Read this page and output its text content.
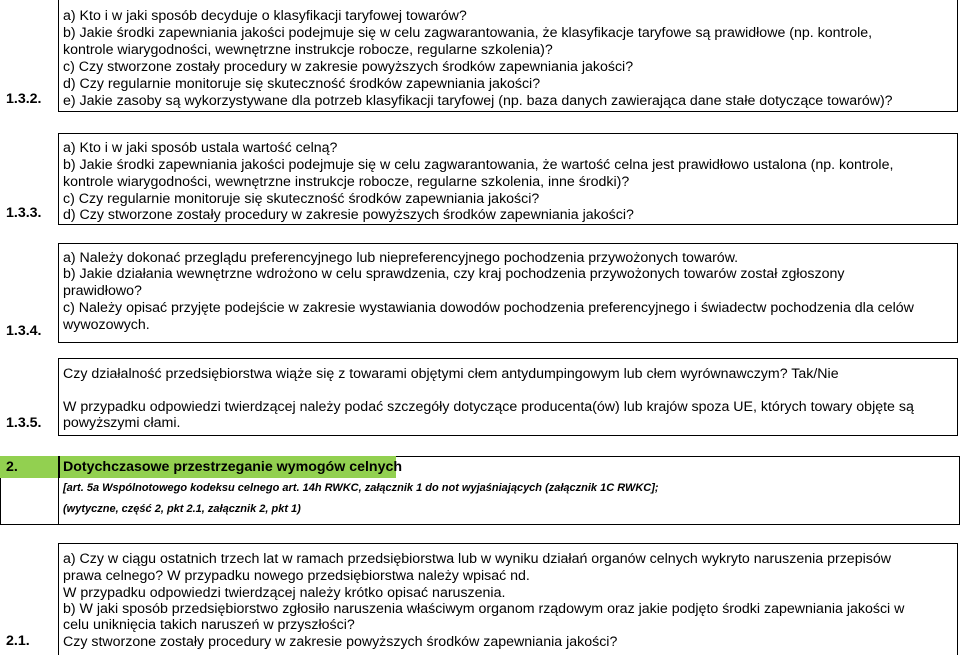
1.3.2.
a) Kto i w jaki sposób decyduje o klasyfikacji taryfowej towarów?
b) Jakie środki zapewniania jakości podejmuje się w celu zagwarantowania, że klasyfikacje taryfowe są prawidłowe (np. kontrole,
kontrole wiarygodności, wewnętrzne instrukcje robocze, regularne szkolenia)?
c) Czy stworzone zostały procedury w zakresie powyższych środków zapewniania jakości?
d) Czy regularnie monitoruje się skuteczność środków zapewniania jakości?
e) Jakie zasoby są wykorzystywane dla potrzeb klasyfikacji taryfowej (np. baza danych zawierająca dane stałe dotyczące towarów)?
1.3.3.
a) Kto i w jaki sposób ustala wartość celną?
b) Jakie środki zapewniania jakości podejmuje się w celu zagwarantowania, że wartość celna jest prawidłowo ustalona (np. kontrole,
kontrole wiarygodności, wewnętrzne instrukcje robocze, regularne szkolenia, inne środki)?
c) Czy regularnie monitoruje się skuteczność środków zapewniania jakości?
d) Czy stworzone zostały procedury w zakresie powyższych środków zapewniania jakości?
1.3.4.
a) Należy dokonać przeglądu preferencyjnego lub niepreferencyjnego pochodzenia przywożonych towarów.
b) Jakie działania wewnętrzne wdrożono w celu sprawdzenia, czy kraj pochodzenia przywożonych towarów został zgłoszony
prawidłowo?
c) Należy opisać przyjęte podejście w zakresie wystawiania dowodów pochodzenia preferencyjnego i świadectw pochodzenia dla celów
wywozowych.
1.3.5.
Czy działalność przedsiębiorstwa wiąże się z towarami objętymi cłem antydumpingowym lub cłem wyrównawczym? Tak/Nie
W przypadku odpowiedzi twierdzącej należy podać szczegóły dotyczące producenta(ów) lub krajów spoza UE, których towary objęte są
powyższymi cłami.
2.	Dotychczasowe przestrzeganie wymogów celnych
[art. 5a Wspólnotowego kodeksu celnego art. 14h RWKC, załącznik 1 do not wyjaśniających (załącznik 1C RWKC];
(wytyczne, część 2, pkt 2.1, załącznik 2, pkt 1)
2.1.
a) Czy w ciągu ostatnich trzech lat w ramach przedsiębiorstwa lub w wyniku działań organów celnych wykryto naruszenia przepisów
prawa celnego? W przypadku nowego przedsiębiorstwa należy wpisać nd.
W przypadku odpowiedzi twierdzącej należy krótko opisać naruszenia.
b) W jaki sposób przedsiębiorstwo zgłosiło naruszenia właściwym organom rządowym oraz jakie podjęto środki zapewniania jakości w
celu uniknięcia takich naruszeń w przyszłości?
Czy stworzone zostały procedury w zakresie powyższych środków zapewniania jakości?
